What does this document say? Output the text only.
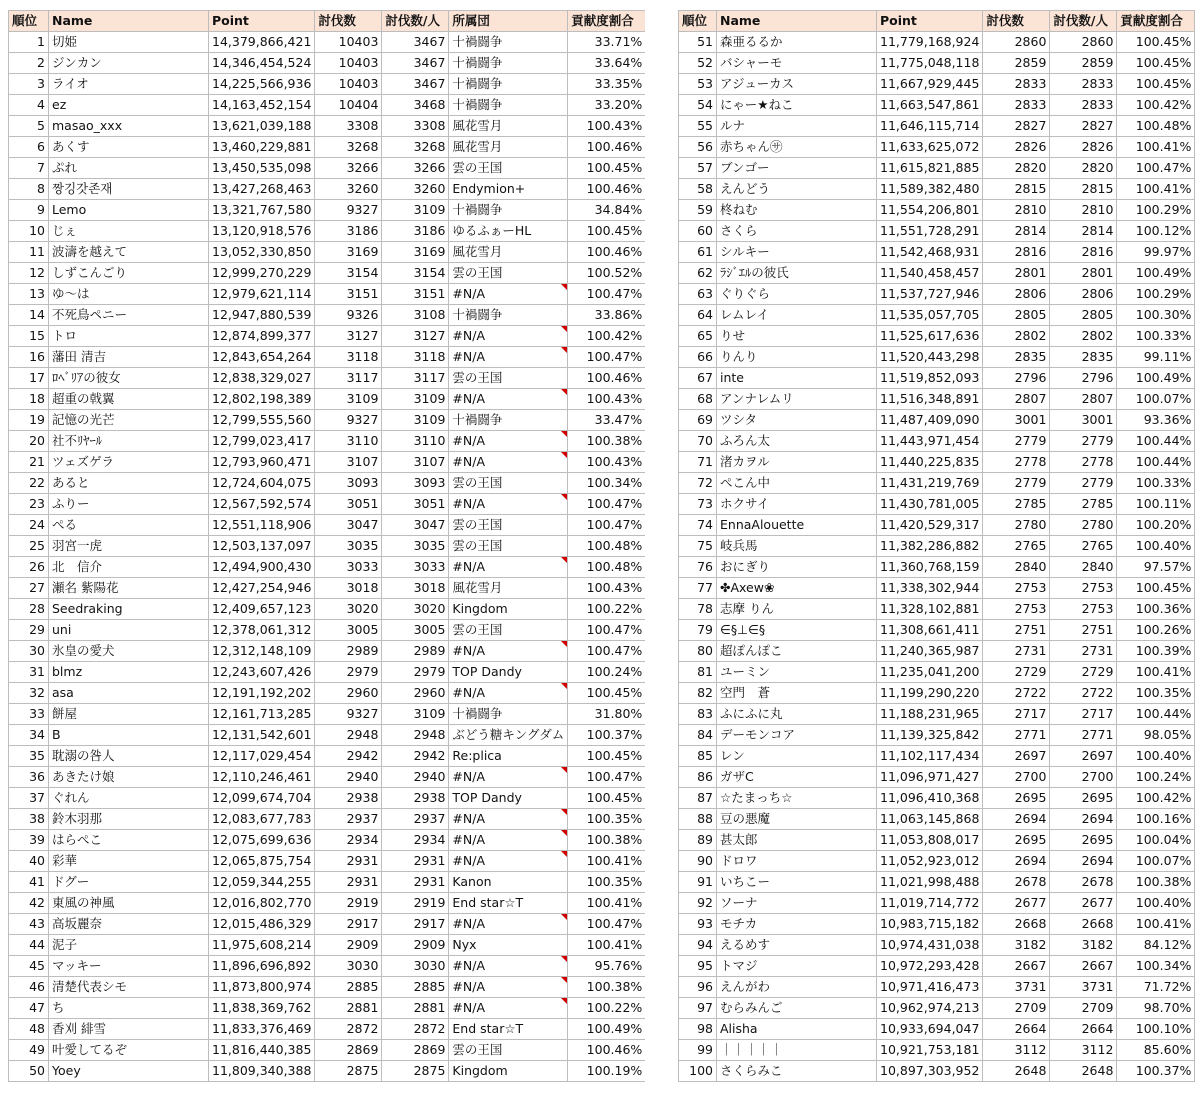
順位	Name	Point	討伐数	討伐数/人	所属団	貢献度割合
1	切姫	14,379,866,421	10403	3467	十禍闘争	33.71%
2	ジンカン	14,346,454,524	10403	3467	十禍闘争	33.64%
3	ライオ	14,225,566,936	10403	3467	十禍闘争	33.35%
4	ez	14,163,452,154	10404	3468	十禍闘争	33.20%
5	masao_xxx	13,621,039,188	3308	3308	風花雪月	100.43%
6	あくす	13,460,229,881	3268	3268	風花雪月	100.46%
7	ぷれ	13,450,535,098	3266	3266	雲の王国	100.45%
8	짱깅갓존재	13,427,268,463	3260	3260	Endymion+	100.46%
9	Lemo	13,321,767,580	9327	3109	十禍闘争	34.84%
10	じぇ	13,120,918,576	3186	3186	ゆるふぁーHL	100.45%
11	波濤を越えて	13,052,330,850	3169	3169	風花雪月	100.46%
12	しずこんごり	12,999,270,229	3154	3154	雲の王国	100.52%
13	ゆ～は	12,979,621,114	3151	3151	#N/A	100.47%
14	不死鳥ペニー	12,947,880,539	9326	3108	十禍闘争	33.86%
15	トロ	12,874,899,377	3127	3127	#N/A	100.42%
16	藩田 清吉	12,843,654,264	3118	3118	#N/A	100.47%
17	ﾛﾍﾞﾘｱの彼女	12,838,329,027	3117	3117	雲の王国	100.46%
18	超重の戟翼	12,802,198,389	3109	3109	#N/A	100.43%
19	記憶の光芒	12,799,555,560	9327	3109	十禍闘争	33.47%
20	社不ﾘﾔｰﾙ	12,799,023,417	3110	3110	#N/A	100.38%
21	ツェズゲラ	12,793,960,471	3107	3107	#N/A	100.43%
22	あると	12,724,604,075	3093	3093	雲の王国	100.34%
23	ふりー	12,567,592,574	3051	3051	#N/A	100.47%
24	ぺる	12,551,118,906	3047	3047	雲の王国	100.47%
25	羽宮一虎	12,503,137,097	3035	3035	雲の王国	100.48%
26	北　信介	12,494,900,430	3033	3033	#N/A	100.48%
27	瀬名 紫陽花	12,427,254,946	3018	3018	風花雪月	100.43%
28	Seedraking	12,409,657,123	3020	3020	Kingdom	100.22%
29	uni	12,378,061,312	3005	3005	雲の王国	100.47%
30	氷皇の愛犬	12,312,148,109	2989	2989	#N/A	100.47%
31	blmz	12,243,607,426	2979	2979	TOP Dandy	100.24%
32	asa	12,191,192,202	2960	2960	#N/A	100.45%
33	餅屋	12,161,713,285	9327	3109	十禍闘争	31.80%
34	B	12,131,542,601	2948	2948	ぶどう糖キングダム	100.37%
35	耽溺の咎人	12,117,029,454	2942	2942	Re:plica	100.45%
36	あきたけ娘	12,110,246,461	2940	2940	#N/A	100.47%
37	ぐれん	12,099,674,704	2938	2938	TOP Dandy	100.45%
38	鈴木羽那	12,083,677,783	2937	2937	#N/A	100.35%
39	はらぺこ	12,075,699,636	2934	2934	#N/A	100.38%
40	彩華	12,065,875,754	2931	2931	#N/A	100.41%
41	ドグー	12,059,344,255	2931	2931	Kanon	100.35%
42	東風の神風	12,016,802,770	2919	2919	End star☆T	100.41%
43	高坂麗奈	12,015,486,329	2917	2917	#N/A	100.47%
44	泥子	11,975,608,214	2909	2909	Nyx	100.41%
45	マッキー	11,896,696,892	3030	3030	#N/A	95.76%
46	清楚代表シモ	11,873,800,974	2885	2885	#N/A	100.38%
47	ち	11,838,369,762	2881	2881	#N/A	100.22%
48	香刈 緋雪	11,833,376,469	2872	2872	End star☆T	100.49%
49	叶愛してるぞ	11,816,440,385	2869	2869	雲の王国	100.46%
50	Yoey	11,809,340,388	2875	2875	Kingdom	100.19%
順位	Name	Point	討伐数	討伐数/人	貢献度割合
51	森亜るるか	11,779,168,924	2860	2860	100.45%
52	バシャーモ	11,775,048,118	2859	2859	100.45%
53	アジューカス	11,667,929,445	2833	2833	100.45%
54	にゃー★ねこ	11,663,547,861	2833	2833	100.42%
55	ルナ	11,646,115,714	2827	2827	100.48%
56	赤ちゃん㋚	11,633,625,072	2826	2826	100.41%
57	ブンゴー	11,615,821,885	2820	2820	100.47%
58	えんどう	11,589,382,480	2815	2815	100.41%
59	柊ねむ	11,554,206,801	2810	2810	100.29%
60	さくら	11,551,728,291	2814	2814	100.12%
61	シルキー	11,542,468,931	2816	2816	99.97%
62	ﾗｼﾞｴﾙの彼氏	11,540,458,457	2801	2801	100.49%
63	ぐりぐら	11,537,727,946	2806	2806	100.29%
64	レムレイ	11,535,057,705	2805	2805	100.30%
65	りせ	11,525,617,636	2802	2802	100.33%
66	りんり	11,520,443,298	2835	2835	99.11%
67	inte	11,519,852,093	2796	2796	100.49%
68	アンナレムリ	11,516,348,891	2807	2807	100.07%
69	ツシタ	11,487,409,090	3001	3001	93.36%
70	ふろん太	11,443,971,454	2779	2779	100.44%
71	渚カヲル	11,440,225,835	2778	2778	100.44%
72	ぺこん中	11,431,219,769	2779	2779	100.33%
73	ホクサイ	11,430,781,005	2785	2785	100.11%
74	EnnaAlouette	11,420,529,317	2780	2780	100.20%
75	岐兵馬	11,382,286,882	2765	2765	100.40%
76	おにぎり	11,360,768,159	2840	2840	97.57%
77	✤Axew❀	11,338,302,944	2753	2753	100.45%
78	志摩 りん	11,328,102,881	2753	2753	100.36%
79	∈§⊥∈§	11,308,661,411	2751	2751	100.26%
80	超ぽんぽこ	11,240,365,987	2731	2731	100.39%
81	ユーミン	11,235,041,200	2729	2729	100.41%
82	空門　蒼	11,199,290,220	2722	2722	100.35%
83	ふにふに丸	11,188,231,965	2717	2717	100.44%
84	デーモンコア	11,139,325,842	2771	2771	98.05%
85	レン	11,102,117,434	2697	2697	100.40%
86	ガザC	11,096,971,427	2700	2700	100.24%
87	☆たまっち☆	11,096,410,368	2695	2695	100.42%
88	豆の悪魔	11,063,145,868	2694	2694	100.16%
89	甚太郎	11,053,808,017	2695	2695	100.04%
90	ドロワ	11,052,923,012	2694	2694	100.07%
91	いちこー	11,021,998,488	2678	2678	100.38%
92	ソーナ	11,019,714,772	2677	2677	100.40%
93	モチカ	10,983,715,182	2668	2668	100.41%
94	えるめす	10,974,431,038	3182	3182	84.12%
95	トマジ	10,972,293,428	2667	2667	100.34%
96	えんがわ	10,971,416,473	3731	3731	71.72%
97	むらみんご	10,962,974,213	2709	2709	98.70%
98	Alisha	10,933,694,047	2664	2664	100.10%
99	｜｜｜｜｜	10,921,753,181	3112	3112	85.60%
100	さくらみこ	10,897,303,952	2648	2648	100.37%
